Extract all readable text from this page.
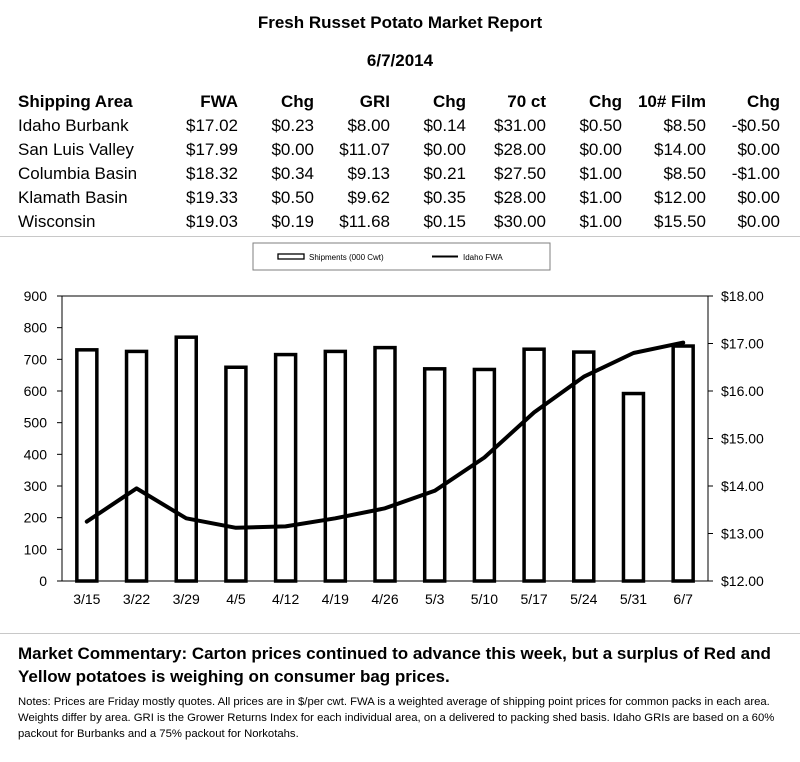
Fresh Russet Potato Market Report
6/7/2014
Shipping Area	FWA	Chg	GRI	Chg	70 ct	Chg	10# Film	Chg
Idaho Burbank	$17.02	$0.23	$8.00	$0.14	$31.00	$0.50	$8.50	-$0.50
San Luis Valley	$17.99	$0.00	$11.07	$0.00	$28.00	$0.00	$14.00	$0.00
Columbia Basin	$18.32	$0.34	$9.13	$0.21	$27.50	$1.00	$8.50	-$1.00
Klamath Basin	$19.33	$0.50	$9.62	$0.35	$28.00	$1.00	$12.00	$0.00
Wisconsin	$19.03	$0.19	$11.68	$0.15	$30.00	$1.00	$15.50	$0.00
Shipments (000 Cwt)	Idaho FWA
0
100
200
300
400
500
600
700
800
900
$12.00
$13.00
$14.00
$15.00
$16.00
$17.00
$18.00
3/15 3/22 3/29 4/5 4/12 4/19 4/26 5/3 5/10 5/17 5/24 5/31 6/7
Market Commentary: Carton prices continued to advance this week, but a surplus of Red and Yellow potatoes is weighing on consumer bag prices.
Notes: Prices are Friday mostly quotes. All prices are in $/per cwt. FWA is a weighted average of shipping point prices for common packs in each area. Weights differ by area. GRI is the Grower Returns Index for each individual area, on a delivered to packing shed basis. Idaho GRIs are based on a 60% packout for Burbanks and a 75% packout for Norkotahs.
